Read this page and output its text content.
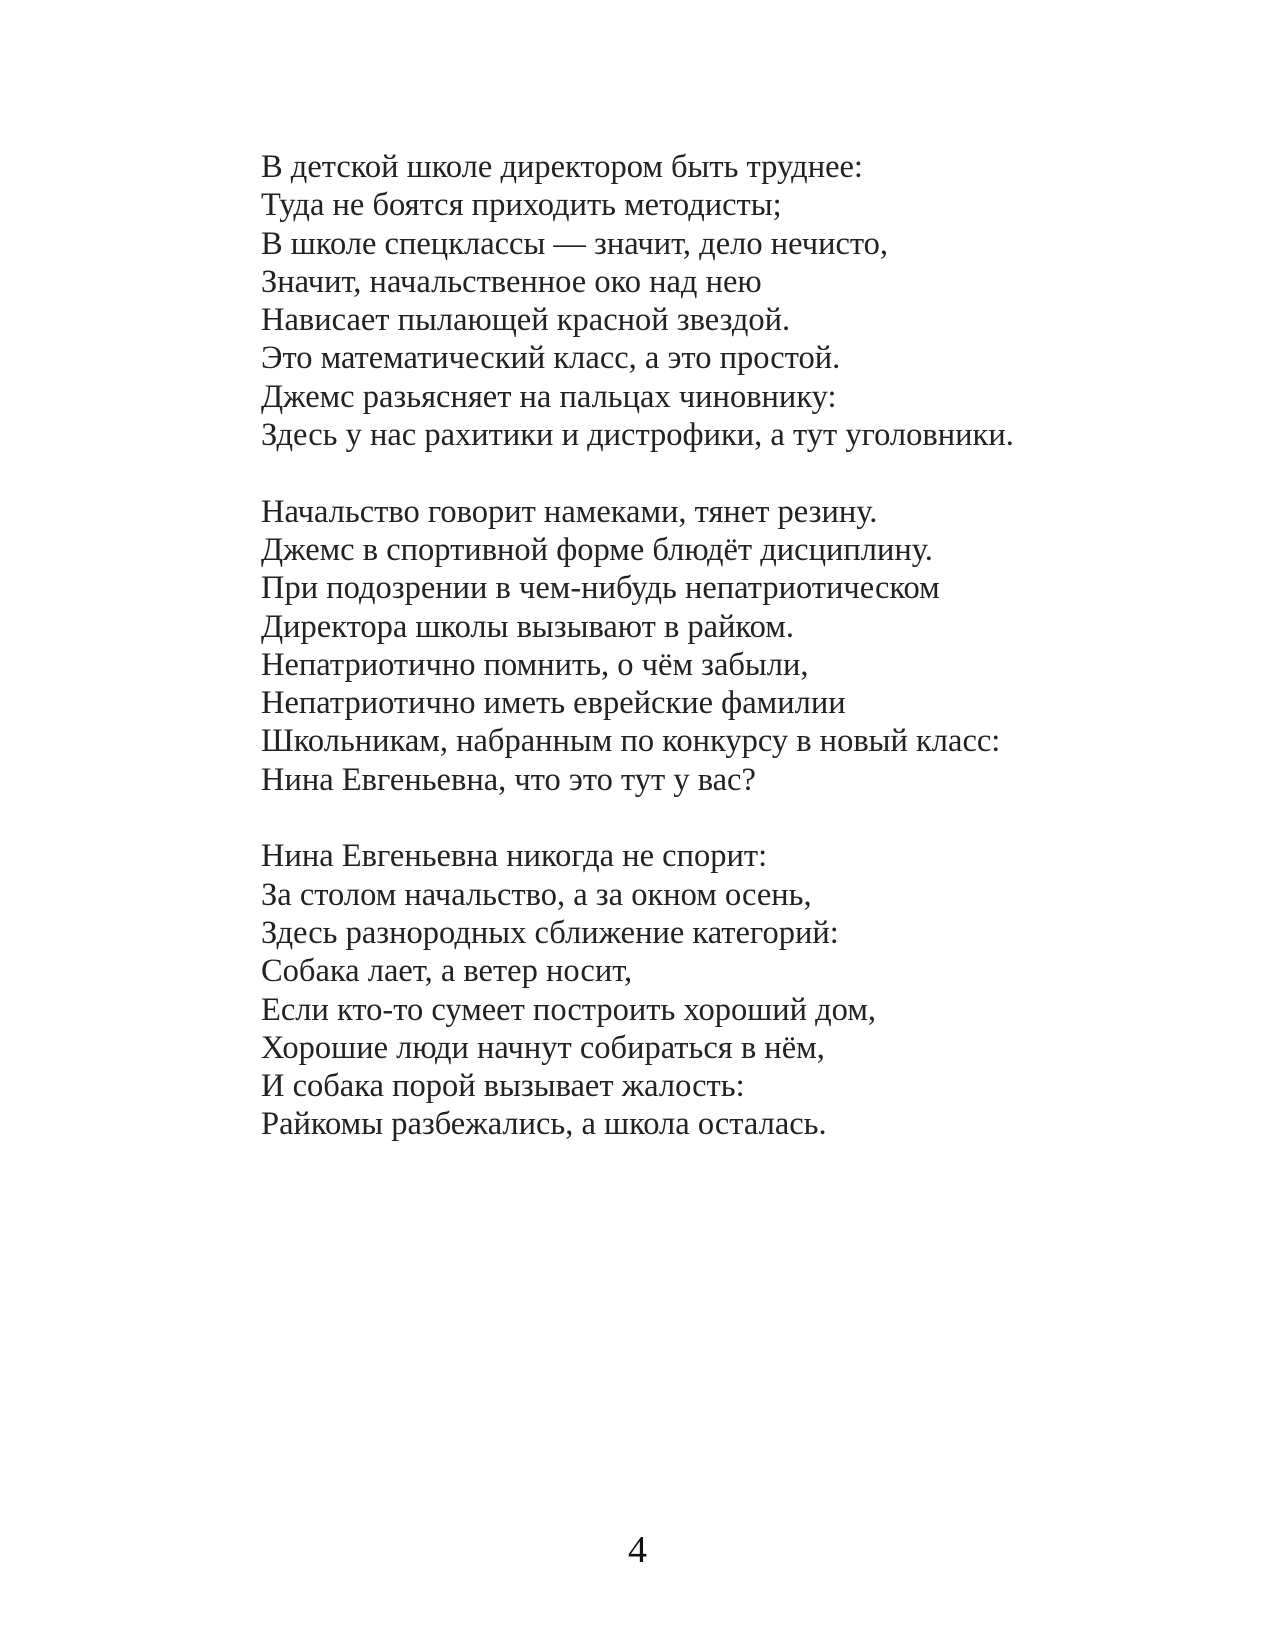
В детской школе директором быть труднее:
Туда не боятся приходить методисты;
В школе спецклассы — значит, дело нечисто,
Значит, начальственное око над нею
Нависает пылающей красной звездой.
Это математический класс, а это простой.
Джемс разьясняет на пальцах чиновнику:
Здесь у нас рахитики и дистрофики, а тут уголовники.
Начальство говорит намеками, тянет резину.
Джемс в спортивной форме блюдёт дисциплину.
При подозрении в чем-нибудь непатриотическом
Директора школы вызывают в райком.
Непатриотично помнить, о чём забыли,
Непатриотично иметь еврейские фамилии
Школьникам, набранным по конкурсу в новый класс:
Нина Евгеньевна, что это тут у вас?
Нина Евгеньевна никогда не спорит:
За столом начальство, а за окном осень,
Здесь разнородных сближение категорий:
Собака лает, а ветер носит,
Если кто-то сумеет построить хороший дом,
Хорошие люди начнут собираться в нём,
И собака порой вызывает жалость:
Райкомы разбежались, а школа осталась.
4
